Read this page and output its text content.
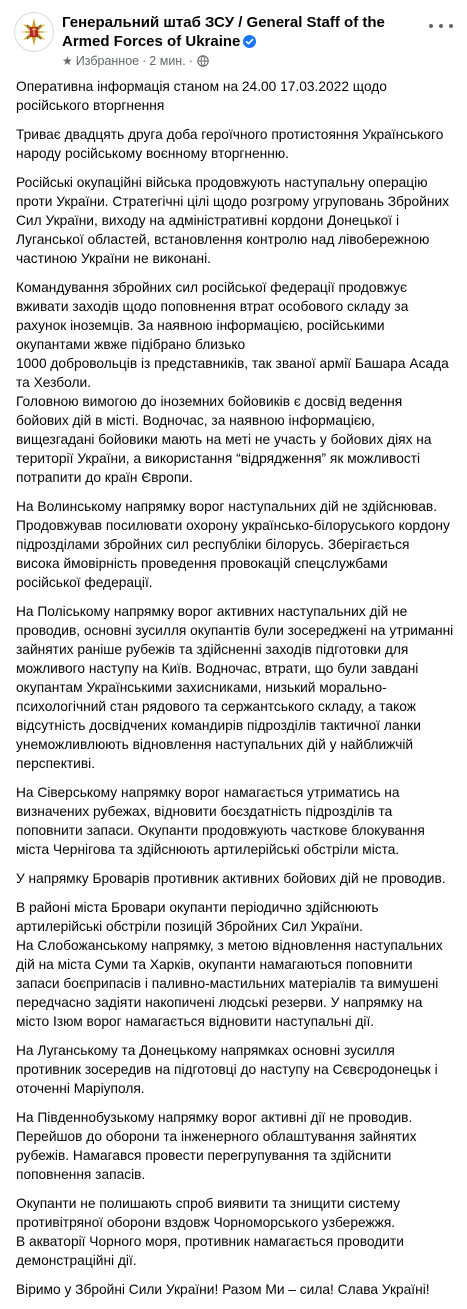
Генеральний штаб ЗСУ / General Staff of the Armed Forces of Ukraine
★ Избранное · 2 мин. ·

Оперативна інформація станом на 24.00 17.03.2022 щодо російського вторгнення

Триває двадцять друга доба героїчного протистояння Українського народу російському воєнному вторгненню.

Російські окупаційні війська продовжують наступальну операцію проти України. Стратегічні цілі щодо розгрому угруповань Збройних Сил України, виходу на адміністративні кордони Донецької і Луганської областей, встановлення контролю над лівобережною частиною України не виконані.

Командування збройних сил російської федерації продовжує вживати заходів щодо поповнення втрат особового складу за рахунок іноземців. За наявною інформацією, російськими окупантами жвже підібрано близько
1000 добровольців із представників, так званої армії Башара Асада та Хезболи.
Головною вимогою до іноземних бойовиків є досвід ведення бойових дій в місті. Водночас, за наявною інформацією, вищезгадані бойовики мають на меті не участь у бойових діях на території України, а використання “відрядження” як можливості потрапити до країн Європи.

На Волинському напрямку ворог наступальних дій не здійснював. Продовжував посилювати охорону українсько-білоруського кордону підрозділами збройних сил республіки білорусь. Зберігається висока ймовірність проведення провокацій спецслужбами російської федерації.

На Поліському напрямку ворог активних наступальних дій не проводив, основні зусилля окупантів були зосереджені на утриманні зайнятих раніше рубежів та здійсненні заходів підготовки для можливого наступу на Київ. Водночас, втрати, що були завдані окупантам Українськими захисниками, низький морально-психологічний стан рядового та сержантського складу, а також відсутність досвідчених командирів підрозділів тактичної ланки унеможливлюють відновлення наступальних дій у найближчій перспективі.

На Сіверському напрямку ворог намагається утриматись на визначених рубежах, відновити боєздатність підрозділів та поповнити запаси. Окупанти продовжують часткове блокування міста Чернігова та здійснюють артилерійські обстріли міста.

У напрямку Броварів противник активних бойових дій не проводив.

В районі міста Бровари окупанти періодично здійснюють артилерійські обстріли позицій Збройних Сил України.
На Слобожанському напрямку, з метою відновлення наступальних дій на міста Суми та Харків, окупанти намагаються поповнити запаси боєприпасів і паливно-мастильних матеріалів та вимушені передчасно задіяти накопичені людські резерви. У напрямку на місто Ізюм ворог намагається відновити наступальні дії.

На Луганському та Донецькому напрямках основні зусилля противник зосередив на підготовці до наступу на Сєвєродонецьк і оточенні Маріуполя.

На Південнобузькому напрямку ворог активні дії не проводив. Перейшов до оборони та інженерного облаштування зайнятих рубежів. Намагався провести перегрупування та здійснити поповнення запасів.

Окупанти не полишають спроб виявити та знищити систему противітряної оборони вздовж Чорноморського узбережжя.
В акваторії Чорного моря, противник намагається проводити демонстраційні дії.

Віримо у Збройні Сили України! Разом Ми – сила! Слава Україні!
